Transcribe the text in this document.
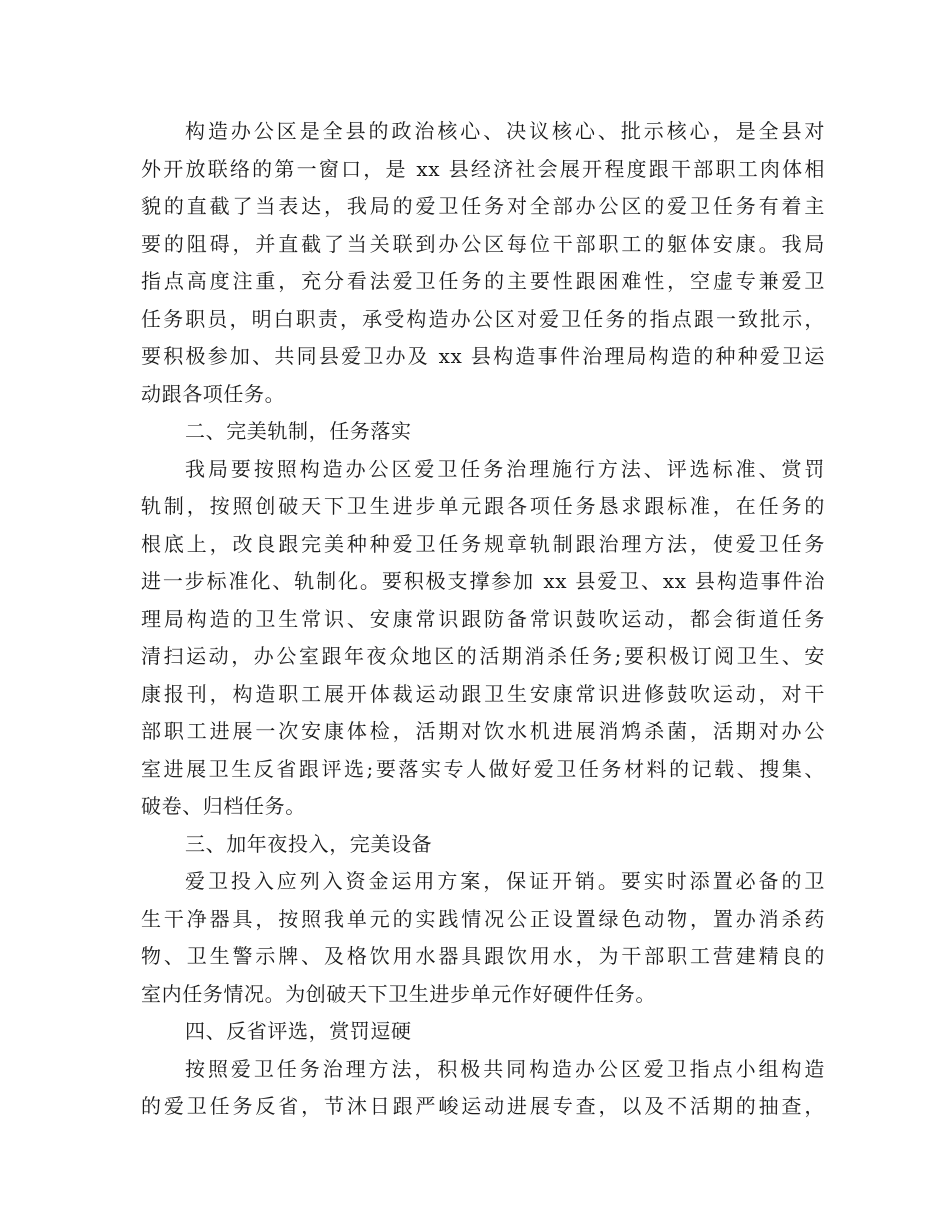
构造办公区是全县的政治核心、决议核心、批示核心，是全县对
外开放联络的第一窗口，是 xx 县经济社会展开程度跟干部职工肉体相
貌的直截了当表达，我局的爱卫任务对全部办公区的爱卫任务有着主
要的阻碍，并直截了当关联到办公区每位干部职工的躯体安康。我局
指点高度注重，充分看法爱卫任务的主要性跟困难性，空虚专兼爱卫
任务职员，明白职责，承受构造办公区对爱卫任务的指点跟一致批示，
要积极参加、共同县爱卫办及 xx 县构造事件治理局构造的种种爱卫运
动跟各项任务。
二、完美轨制，任务落实
我局要按照构造办公区爱卫任务治理施行方法、评选标准、赏罚
轨制，按照创破天下卫生进步单元跟各项任务恳求跟标准，在任务的
根底上，改良跟完美种种爱卫任务规章轨制跟治理方法，使爱卫任务
进一步标准化、轨制化。要积极支撑参加 xx 县爱卫、xx 县构造事件治
理局构造的卫生常识、安康常识跟防备常识鼓吹运动，都会街道任务
清扫运动，办公室跟年夜众地区的活期消杀任务;要积极订阅卫生、安
康报刊，构造职工展开体裁运动跟卫生安康常识进修鼓吹运动，对干
部职工进展一次安康体检，活期对饮水机进展消鸩杀菌，活期对办公
室进展卫生反省跟评选;要落实专人做好爱卫任务材料的记载、搜集、
破卷、归档任务。
三、加年夜投入，完美设备
爱卫投入应列入资金运用方案，保证开销。要实时添置必备的卫
生干净器具，按照我单元的实践情况公正设置绿色动物，置办消杀药
物、卫生警示牌、及格饮用水器具跟饮用水，为干部职工营建精良的
室内任务情况。为创破天下卫生进步单元作好硬件任务。
四、反省评选，赏罚逗硬
按照爱卫任务治理方法，积极共同构造办公区爱卫指点小组构造
的爱卫任务反省，节沐日跟严峻运动进展专查，以及不活期的抽查，
